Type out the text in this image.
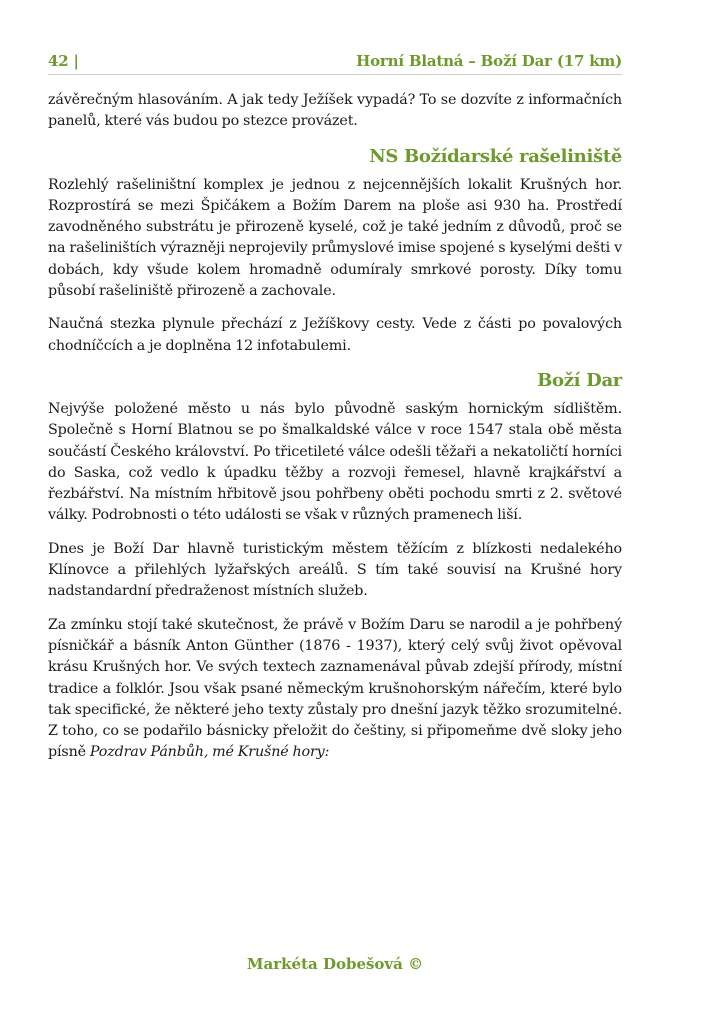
42 |	Horní Blatná – Boží Dar (17 km)

závěrečným hlasováním. A jak tedy Ježíšek vypadá? To se dozvíte z informačních panelů, které vás budou po stezce provázet.

NS Božídarské rašeliniště

Rozlehlý rašeliništní komplex je jednou z nejcennějších lokalit Krušných hor. Rozprostírá se mezi Špičákem a Božím Darem na ploše asi 930 ha. Prostředí zavodněného substrátu je přirozeně kyselé, což je také jedním z důvodů, proč se na rašeliništích výrazněji neprojevily průmyslové imise spojené s kyselými dešti v dobách, kdy všude kolem hromadně odumíraly smrkové porosty. Díky tomu působí rašeliniště přirozeně a zachovale.

Naučná stezka plynule přechází z Ježíškovy cesty. Vede z části po povalových chodníčcích a je doplněna 12 infotabulemi.

Boží Dar

Nejvýše položené město u nás bylo původně saským hornickým sídlištěm. Společně s Horní Blatnou se po šmalkaldské válce v roce 1547 stala obě města součástí Českého království. Po třicetileté válce odešli těžaři a nekatoličtí horníci do Saska, což vedlo k úpadku těžby a rozvoji řemesel, hlavně krajkářství a řezbářství. Na místním hřbitově jsou pohřbeny oběti pochodu smrti z 2. světové války. Podrobnosti o této události se však v různých pramenech liší.

Dnes je Boží Dar hlavně turistickým městem těžícím z blízkosti nedalekého Klínovce a přilehlých lyžařských areálů. S tím také souvisí na Krušné hory nadstandardní předraženost místních služeb.

Za zmínku stojí také skutečnost, že právě v Božím Daru se narodil a je pohřbený písničkář a básník Anton Günther (1876 - 1937), který celý svůj život opěvoval krásu Krušných hor. Ve svých textech zaznamenával půvab zdejší přírody, místní tradice a folklór. Jsou však psané německým krušnohorským nářečím, které bylo tak specifické, že některé jeho texty zůstaly pro dnešní jazyk těžko srozumitelné. Z toho, co se podařilo básnicky přeložit do češtiny, si připomeňme dvě sloky jeho písně Pozdrav Pánbůh, mé Krušné hory:

Markéta Dobešová ©
